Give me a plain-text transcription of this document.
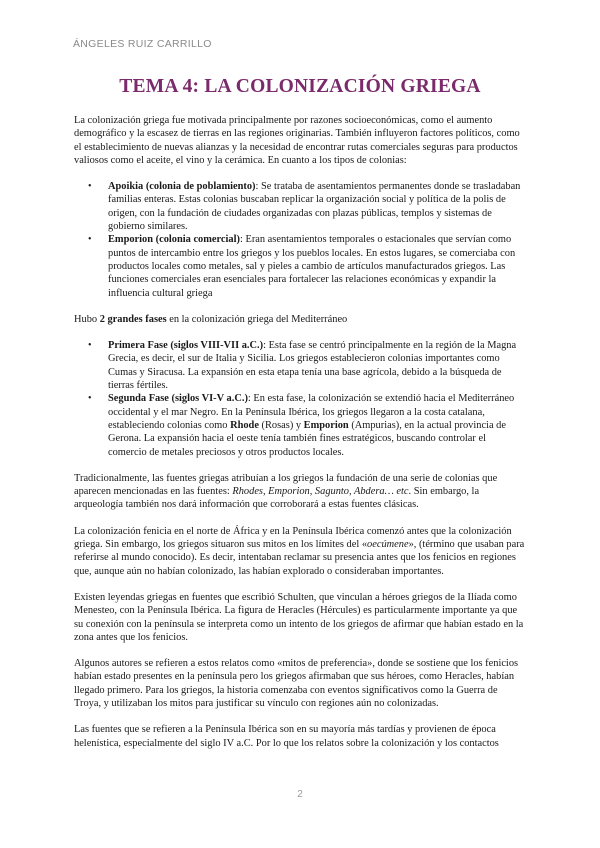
ÁNGELES RUIZ CARRILLO
TEMA 4: LA COLONIZACIÓN GRIEGA

La colonización griega fue motivada principalmente por razones socioeconómicas, como el aumento demográfico y la escasez de tierras en las regiones originarias. También influyeron factores políticos, como el establecimiento de nuevas alianzas y la necesidad de encontrar rutas comerciales seguras para productos valiosos como el aceite, el vino y la cerámica. En cuanto a los tipos de colonias:

• Apoikia (colonia de poblamiento): Se trataba de asentamientos permanentes donde se trasladaban familias enteras. Estas colonias buscaban replicar la organización social y política de la polis de origen, con la fundación de ciudades organizadas con plazas públicas, templos y sistemas de gobierno similares.
• Emporion (colonia comercial): Eran asentamientos temporales o estacionales que servían como puntos de intercambio entre los griegos y los pueblos locales. En estos lugares, se comerciaba con productos locales como metales, sal y pieles a cambio de artículos manufacturados griegos. Las funciones comerciales eran esenciales para fortalecer las relaciones económicas y expandir la influencia cultural griega

Hubo 2 grandes fases en la colonización griega del Mediterráneo

• Primera Fase (siglos VIII-VII a.C.): Esta fase se centró principalmente en la región de la Magna Grecia, es decir, el sur de Italia y Sicilia. Los griegos establecieron colonias importantes como Cumas y Siracusa. La expansión en esta etapa tenía una base agrícola, debido a la búsqueda de tierras fértiles.
• Segunda Fase (siglos VI-V a.C.): En esta fase, la colonización se extendió hacia el Mediterráneo occidental y el mar Negro. En la Península Ibérica, los griegos llegaron a la costa catalana, estableciendo colonias como Rhode (Rosas) y Emporion (Ampurias), en la actual provincia de Gerona. La expansión hacia el oeste tenía también fines estratégicos, buscando controlar el comercio de metales preciosos y otros productos locales.

Tradicionalmente, las fuentes griegas atribuían a los griegos la fundación de una serie de colonias que aparecen mencionadas en las fuentes: Rhodes, Emporion, Sagunto, Abdera… etc. Sin embargo, la arqueología también nos dará información que corroborará a estas fuentes clásicas.

La colonización fenicia en el norte de África y en la Península Ibérica comenzó antes que la colonización griega. Sin embargo, los griegos situaron sus mitos en los límites del «oecúmene», (término que usaban para referirse al mundo conocido). Es decir, intentaban reclamar su presencia antes que los fenicios en regiones que, aunque aún no habían colonizado, las habían explorado o consideraban importantes.

Existen leyendas griegas en fuentes que escribió Schulten, que vinculan a héroes griegos de la Ilíada como Menesteo, con la Península Ibérica. La figura de Heracles (Hércules) es particularmente importante ya que su conexión con la península se interpreta como un intento de los griegos de afirmar que habían estado en la zona antes que los fenicios.

Algunos autores se refieren a estos relatos como «mitos de preferencia», donde se sostiene que los fenicios habían estado presentes en la península pero los griegos afirmaban que sus héroes, como Heracles, habían llegado primero. Para los griegos, la historia comenzaba con eventos significativos como la Guerra de Troya, y utilizaban los mitos para justificar su vínculo con regiones aún no colonizadas.

Las fuentes que se refieren a la Península Ibérica son en su mayoría más tardías y provienen de época helenística, especialmente del siglo IV a.C. Por lo que los relatos sobre la colonización y los contactos

2
